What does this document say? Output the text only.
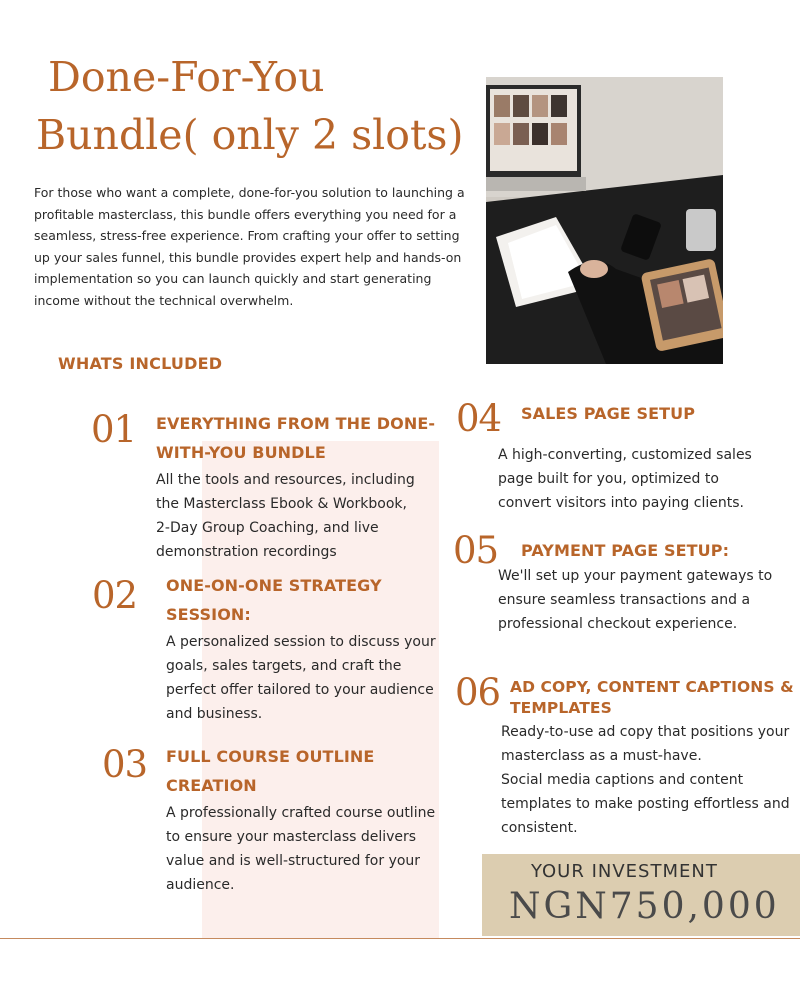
Done-For-You
Bundle( only 2 slots)

For those who want a complete, done-for-you solution to launching a profitable masterclass, this bundle offers everything you need for a seamless, stress-free experience. From crafting your offer to setting up your sales funnel, this bundle provides expert help and hands-on implementation so you can launch quickly and start generating income without the technical overwhelm.

WHATS INCLUDED
01 EVERYTHING FROM THE DONE-

WITH-YOU BUNDLE

All the tools and resources, including

the Masterclass Ebook & Workbook,

2-Day Group Coaching, and live

demonstration recordings

02 ONE-ON-ONE STRATEGY

SESSION:

A personalized session to discuss your

goals, sales targets, and craft the

perfect offer tailored to your audience

and business.

03 FULL COURSE OUTLINE

CREATION

A professionally crafted course outline

to ensure your masterclass delivers

value and is well-structured for your

audience.

04 SALES PAGE SETUP

A high-converting, customized sales

page built for you, optimized to

convert visitors into paying clients.

05 PAYMENT PAGE SETUP:

We'll set up your payment gateways to

ensure seamless transactions and a

professional checkout experience.

06 AD COPY, CONTENT CAPTIONS &

TEMPLATES

Ready-to-use ad copy that positions your

masterclass as a must-have.

Social media captions and content

templates to make posting effortless and

consistent.

YOUR INVESTMENT
NGN750,000
